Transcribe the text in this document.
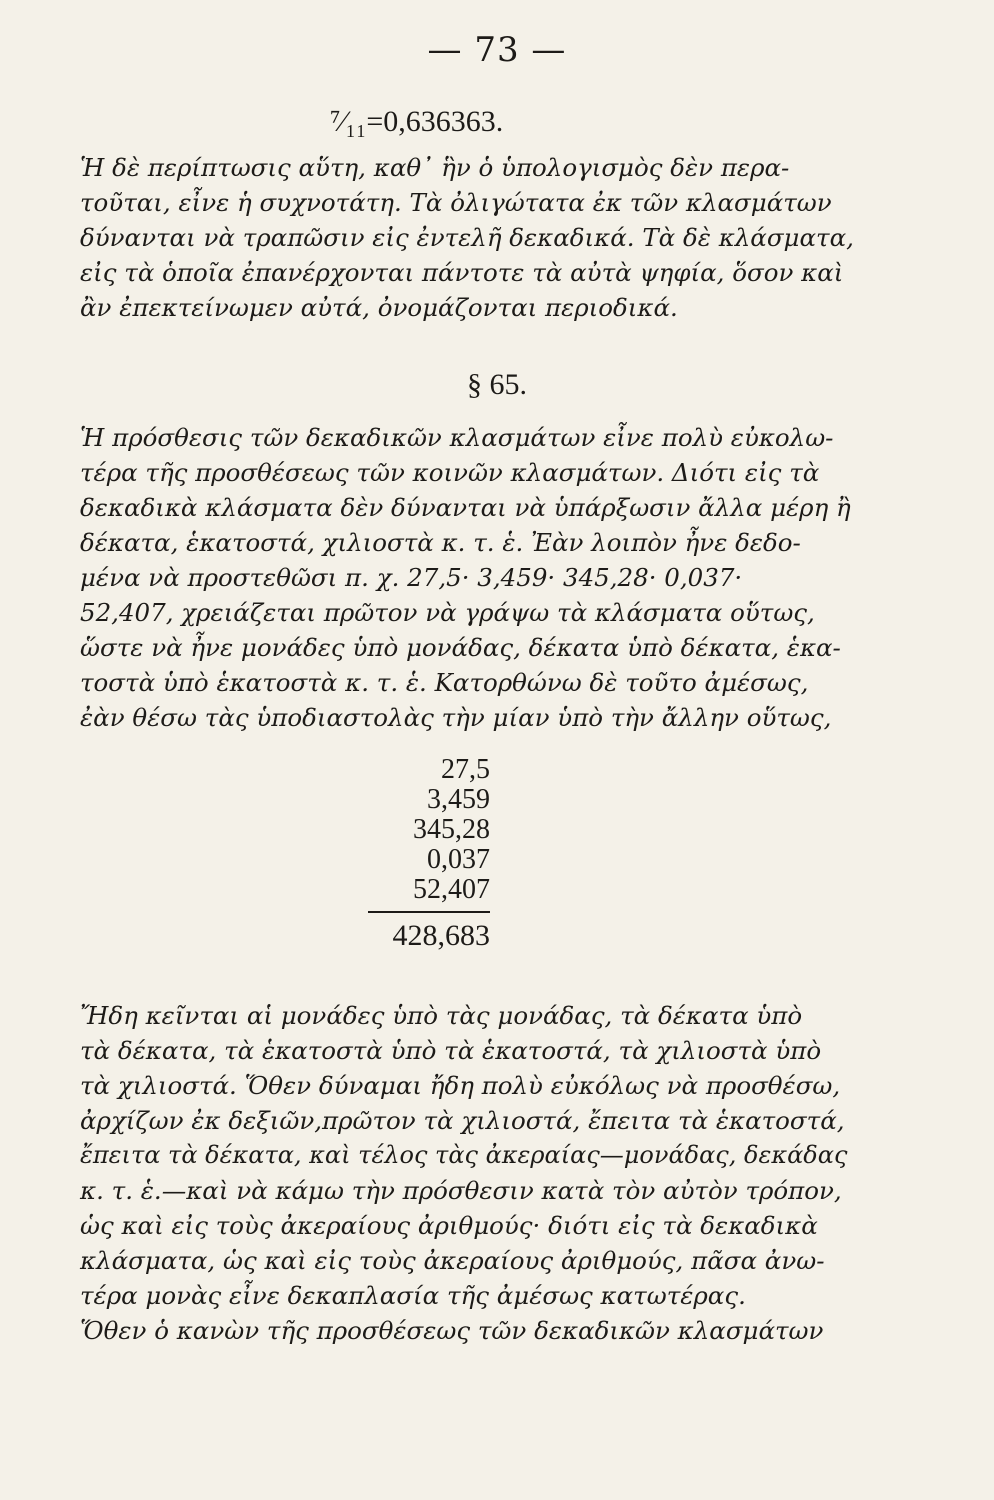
— 73 —
⁷⁄₁₁=0,636363.
Ἡ δὲ περίπτωσις αὕτη, καθ᾿ ἣν ὁ ὑπολογισμὸς δὲν περα-
τοῦται, εἶνε ἡ συχνοτάτη. Τὰ ὀλιγώτατα ἐκ τῶν κλασμάτων
δύνανται νὰ τραπῶσιν εἰς ἐντελῆ δεκαδικά. Τὰ δὲ κλάσματα,
εἰς τὰ ὁποῖα ἐπανέρχονται πάντοτε τὰ αὐτὰ ψηφία, ὅσον καὶ
ἂν ἐπεκτείνωμεν αὐτά, ὀνομάζονται περιοδικά.
§ 65.
Ἡ πρόσθεσις τῶν δεκαδικῶν κλασμάτων εἶνε πολὺ εὐκολω-
τέρα τῆς προσθέσεως τῶν κοινῶν κλασμάτων. Διότι εἰς τὰ
δεκαδικὰ κλάσματα δὲν δύνανται νὰ ὑπάρξωσιν ἄλλα μέρη ἢ
δέκατα, ἑκατοστά, χιλιοστὰ κ. τ. ἑ. Ἐὰν λοιπὸν ἦνε δεδο-
μένα νὰ προστεθῶσι π. χ. 27,5· 3,459· 345,28· 0,037·
52,407, χρειάζεται πρῶτον νὰ γράψω τὰ κλάσματα οὕτως,
ὥστε νὰ ἦνε μονάδες ὑπὸ μονάδας, δέκατα ὑπὸ δέκατα, ἑκα-
τοστὰ ὑπὸ ἑκατοστὰ κ. τ. ἑ. Κατορθώνω δὲ τοῦτο ἀμέσως,
ἐὰν θέσω τὰς ὑποδιαστολὰς τὴν μίαν ὑπὸ τὴν ἄλλην οὕτως,
27,5
3,459
345,28
0,037
52,407
428,683
Ἤδη κεῖνται αἱ μονάδες ὑπὸ τὰς μονάδας, τὰ δέκατα ὑπὸ
τὰ δέκατα, τὰ ἑκατοστὰ ὑπὸ τὰ ἑκατοστά, τὰ χιλιοστὰ ὑπὸ
τὰ χιλιοστά. Ὅθεν δύναμαι ἤδη πολὺ εὐκόλως νὰ προσθέσω,
ἀρχίζων ἐκ δεξιῶν,πρῶτον τὰ χιλιοστά, ἔπειτα τὰ ἑκατοστά,
ἔπειτα τὰ δέκατα, καὶ τέλος τὰς ἀκεραίας—μονάδας, δεκάδας
κ. τ. ἑ.—καὶ νὰ κάμω τὴν πρόσθεσιν κατὰ τὸν αὐτὸν τρόπον,
ὡς καὶ εἰς τοὺς ἀκεραίους ἀριθμούς· διότι εἰς τὰ δεκαδικὰ
κλάσματα, ὡς καὶ εἰς τοὺς ἀκεραίους ἀριθμούς, πᾶσα ἀνω-
τέρα μονὰς εἶνε δεκαπλασία τῆς ἀμέσως κατωτέρας.
Ὅθεν ὁ κανὼν τῆς προσθέσεως τῶν δεκαδικῶν κλασμάτων
